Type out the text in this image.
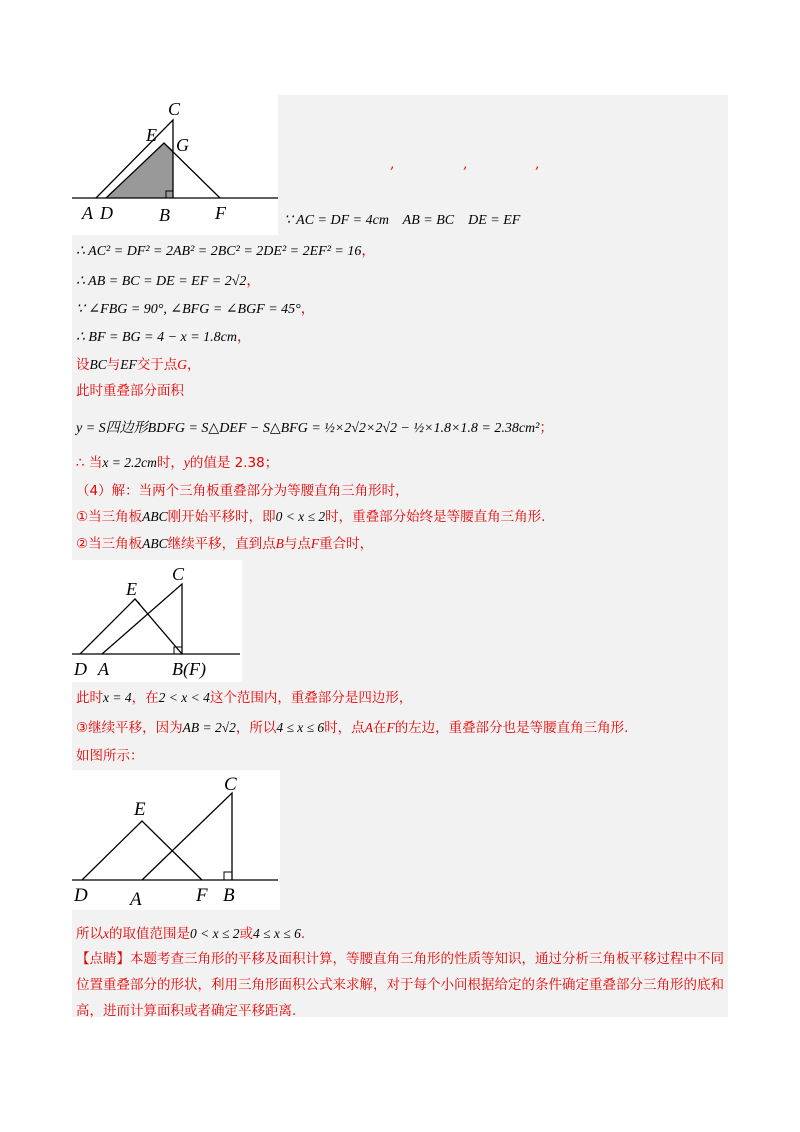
C
E G
A D	B	F
,	,	,
∵ AC = DF = 4cm    AB = BC    DE = EF
∴ AC² = DF² = 2AB² = 2BC² = 2DE² = 2EF² = 16，
∴ AB = BC = DE = EF = 2√2，
∵ ∠FBG = 90°, ∠BFG = ∠BGF = 45°，
∴ BF = BG = 4 − x = 1.8cm，
设BC与EF交于点G，
此时重叠部分面积
y = S四边形BDFG = S△DEF − S△BFG = ½×2√2×2√2 − ½×1.8×1.8 = 2.38cm²；
∴ 当x = 2.2cm时，y的值是 2.38；
（4）解：当两个三角板重叠部分为等腰直角三角形时，
①当三角板ABC刚开始平移时，即0 < x ≤ 2时，重叠部分始终是等腰直角三角形.
②当三角板ABC继续平移，直到点B与点F重合时，
C
E
D A	B(F)
此时x = 4，在2 < x < 4这个范围内，重叠部分是四边形，
③继续平移，因为AB = 2√2，所以4 ≤ x ≤ 6时，点A在F的左边，重叠部分也是等腰直角三角形.
如图所示：
C
E
D A	F B
所以x的取值范围是0 < x ≤ 2或4 ≤ x ≤ 6.
【点睛】本题考查三角形的平移及面积计算，等腰直角三角形的性质等知识，通过分析三角板平移过程中不同位置重叠部分的形状，利用三角形面积公式来求解，对于每个小问根据给定的条件确定重叠部分三角形的底和高，进而计算面积或者确定平移距离.
